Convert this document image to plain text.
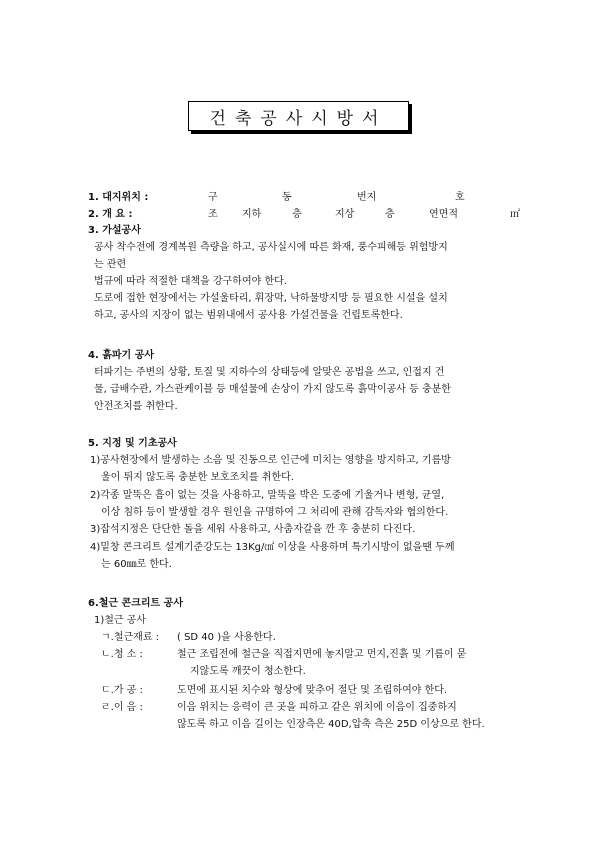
건축공사시방서
1. 대지위치 :	구	동	번지	호
2. 개 요 :	조 지하	층	지상	층	연면적	㎡
3. 가설공사
공사 착수전에 경계복원 측량을 하고, 공사실시에 따른 화재, 풍수피해등 위험방지
는 관련
법규에 따라 적절한 대책을 강구하여야 한다.
도로에 접한 현장에서는 가설울타리, 휘장막, 낙하물방지망 등 필요한 시설을 설치
하고, 공사의 지장이 없는 범위내에서 공사용 가설건물을 건립토록한다.
4. 흙파기 공사
터파기는 주변의 상황, 토질 및 지하수의 상태등에 알맞은 공법을 쓰고, 인접지 건
물, 급배수관, 가스관케이블 등 매설물에 손상이 가지 않도록 흙막이공사 등 충분한
안전조치를 취한다.
5. 지정 및 기초공사
1)공사현장에서 발생하는 소음 및 진동으로 인근에 미치는 영향을 방지하고, 기름방
울이 튀지 않도록 충분한 보호조치를 취한다.
2)각종 말뚝은 흠이 없는 것을 사용하고, 말뚝을 박은 도중에 기울거나 변형, 균열,
이상 침하 등이 발생할 경우 원인을 규명하여 그 처리에 관해 감독자와 협의한다.
3)잡석지정은 단단한 돌을 세워 사용하고, 사춤자갈을 깐 후 충분히 다진다.
4)밑창 콘크리트 설계기준강도는 13Kg/㎠ 이상을 사용하며 특기시방이 없을땐 두께
는 60㎜로 한다.
6.철근 콘크리트 공사
1)철근 공사
ㄱ.철근재료 : ( SD 40 )을 사용한다.
ㄴ.청 소 :	철근 조립전에 철근을 직접지면에 놓지말고 먼지,진흙 및 기름이 묻
지않도록 깨끗이 청소한다.
ㄷ.가 공 :	도면에 표시된 치수와 형상에 맞추어 절단 및 조립하여야 한다.
ㄹ.이 음 :	이음 위치는 응력이 큰 곳을 피하고 같은 위치에 이음이 집중하지
않도록 하고 이음 길이는 인장측은 40D,압축 측은 25D 이상으로 한다.
